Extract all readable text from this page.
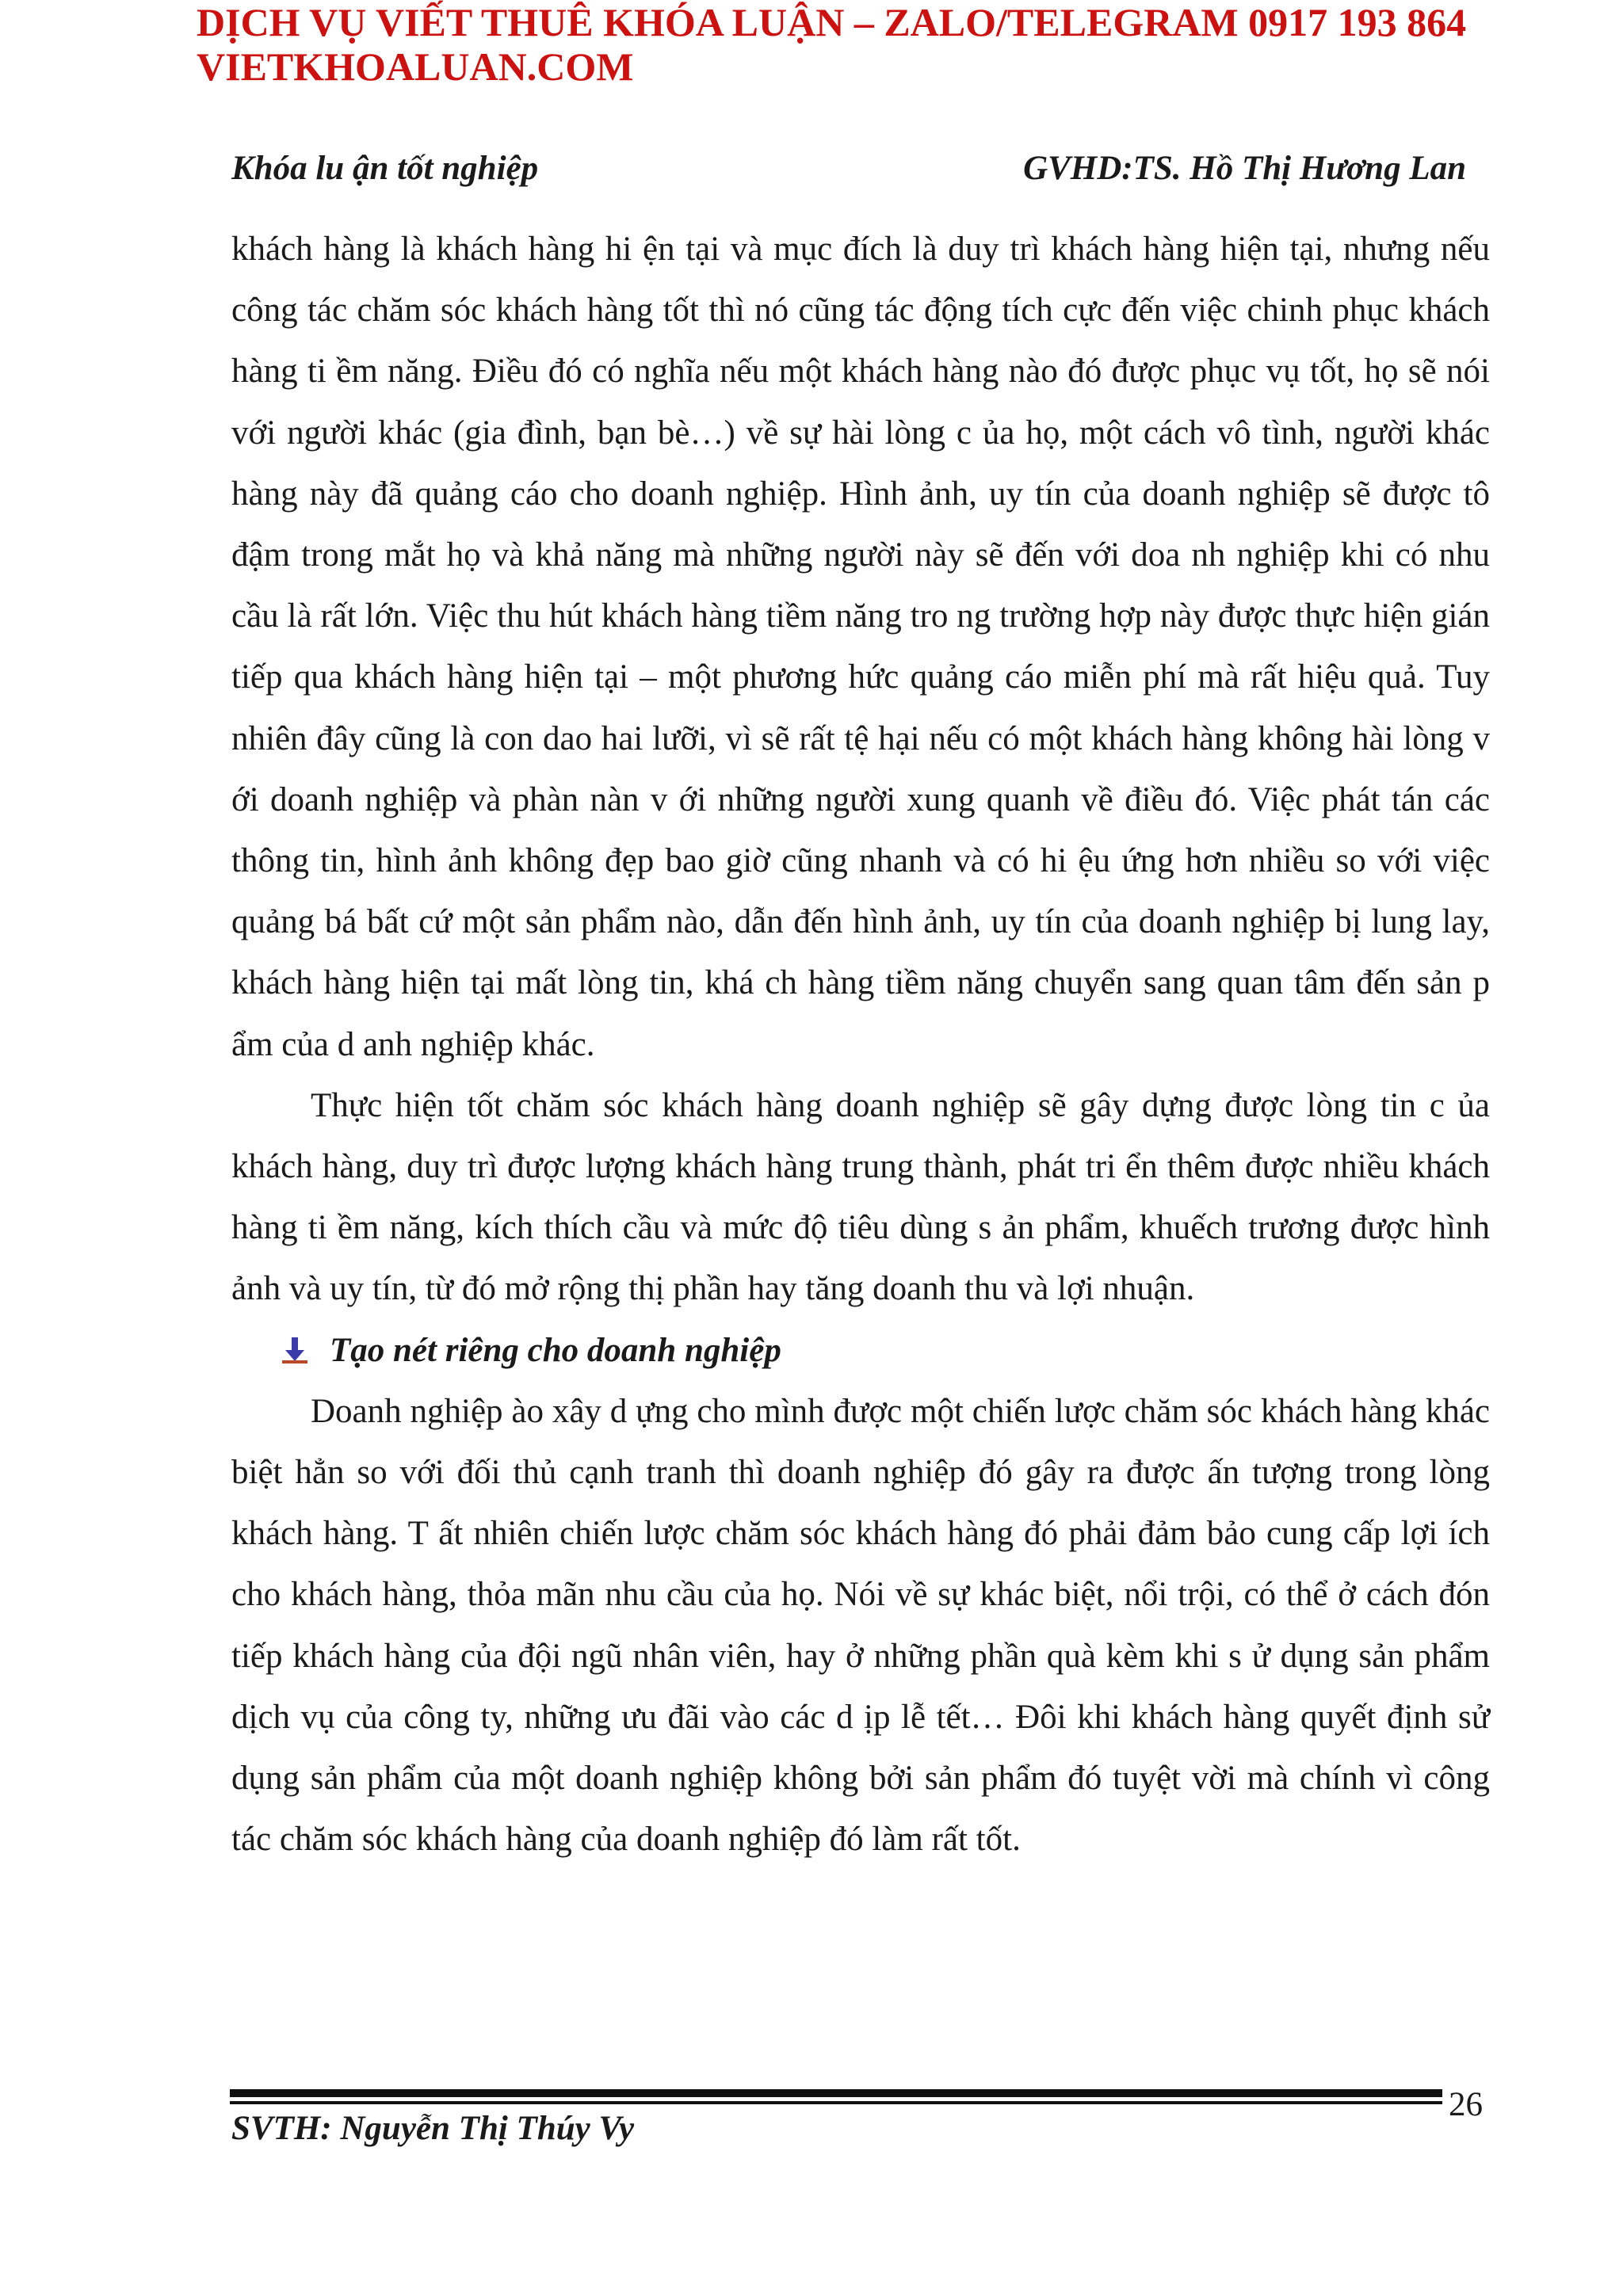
DỊCH VỤ VIẾT THUÊ KHÓA LUẬN – ZALO/TELEGRAM 0917 193 864
VIETKHOALUAN.COM
Khóa lu ận tốt nghiệp	GVHD:TS. Hồ Thị Hương Lan

khách hàng là khách hàng hi ện tại và mục đích là duy trì khách hàng hiện tại, nhưng nếu công tác chăm sóc khách hàng tốt thì nó cũng tác động tích cực đến việc chinh phục khách hàng ti ềm năng. Điều đó có nghĩa nếu một khách hàng nào đó được phục vụ tốt, họ sẽ nói với người khác (gia đình, bạn bè…) về sự hài lòng c ủa họ, một cách vô tình, người khác hàng này đã quảng cáo cho doanh nghiệp. Hình ảnh, uy tín của doanh nghiệp sẽ được tô đậm trong mắt họ và khả năng mà những người này sẽ đến với doa nh nghiệp khi có nhu cầu là rất lớn. Việc thu hút khách hàng tiềm năng tro ng trường hợp này được thực hiện gián tiếp qua khách hàng hiện tại – một phương hức quảng cáo miễn phí mà rất hiệu quả. Tuy nhiên đây cũng là con dao hai lưỡi, vì sẽ rất tệ hại nếu có một khách hàng không hài lòng v ới doanh nghiệp và phàn nàn v ới những người xung quanh về điều đó. Việc phát tán các thông tin, hình ảnh không đẹp bao giờ cũng nhanh và có hi ệu ứng hơn nhiều so với việc quảng bá bất cứ một sản phẩm nào, dẫn đến hình ảnh, uy tín của doanh nghiệp bị lung lay, khách hàng hiện tại mất lòng tin, khá ch hàng tiềm năng chuyển sang quan tâm đến sản p ẩm của d anh nghiệp khác.

Thực hiện tốt chăm sóc khách hàng doanh nghiệp sẽ gây dựng được lòng tin c ủa khách hàng, duy trì được lượng khách hàng trung thành, phát tri ển thêm được nhiều khách hàng ti ềm năng, kích thích cầu và mức độ tiêu dùng s ản phẩm, khuếch trương được hình ảnh và uy tín, từ đó mở rộng thị phần hay tăng doanh thu và lợi nhuận.

Tạo nét riêng cho doanh nghiệp

Doanh nghiệp ào xây d ựng cho mình được một chiến lược chăm sóc khách hàng khác biệt hẳn so với đối thủ cạnh tranh thì doanh nghiệp đó gây ra được ấn tượng trong lòng khách hàng. T ất nhiên chiến lược chăm sóc khách hàng đó phải đảm bảo cung cấp lợi ích cho khách hàng, thỏa mãn nhu cầu của họ. Nói về sự khác biệt, nổi trội, có thể ở cách đón tiếp khách hàng của đội ngũ nhân viên, hay ở những phần quà kèm khi s ử dụng sản phẩm dịch vụ của công ty, những ưu đãi vào các d ịp lễ tết… Đôi khi khách hàng quyết định sử dụng sản phẩm của một doanh nghiệp không bởi sản phẩm đó tuyệt vời mà chính vì công tác chăm sóc khách hàng của doanh nghiệp đó làm rất tốt.

26
SVTH: Nguyễn Thị Thúy Vy
